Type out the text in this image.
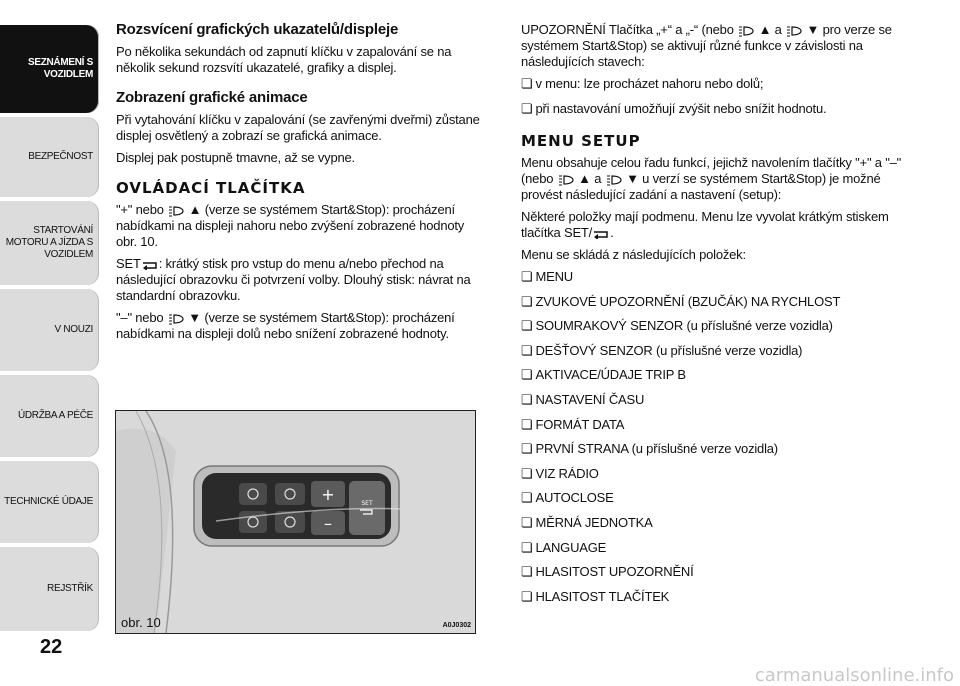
SEZNÁMENÍ S VOZIDLEM
BEZPEČNOST
STARTOVÁNÍ MOTORU A JÍZDA S VOZIDLEM
V NOUZI
ÚDRŽBA A PÉČE
TECHNICKÉ ÚDAJE
REJSTŘÍK
22
Rozsvícení grafických ukazatelů/displeje

Po několika sekundách od zapnutí klíčku v zapalování se na několik sekund rozsvítí ukazatelé, grafiky a displej.

Zobrazení grafické animace

Při vytahování klíčku v zapalování (se zavřenými dveřmi) zůstane displej osvětlený a zobrazí se grafická animace.

Displej pak postupně tmavne, až se vypne.

OVLÁDACÍ TLAČÍTKA

"+" nebo ▲ (verze se systémem Start&Stop): procházení nabídkami na displeji nahoru nebo zvýšení zobrazené hodnoty obr. 10.

SET : krátký stisk pro vstup do menu a/nebo přechod na následující obrazovku či potvrzení volby. Dlouhý stisk: návrat na standardní obrazovku.

"–" nebo ▼ (verze se systémem Start&Stop): procházení nabídkami na displeji dolů nebo snížení zobrazené hodnoty.

+
–
SET
obr. 10	A0J0302

UPOZORNĚNÍ Tlačítka „+“ a „-“ (nebo ▲ a ▼ pro verze se systémem Start&Stop) se aktivují různé funkce v závislosti na následujících stavech:

❏ v menu: lze procházet nahoru nebo dolů;
❏ při nastavování umožňují zvýšit nebo snížit hodnotu.
MENU SETUP

Menu obsahuje celou řadu funkcí, jejichž navolením tlačítky "+" a "–" (nebo ▲ a ▼ u verzí se systémem Start&Stop) je možné provést následující zadání a nastavení (setup):

Některé položky mají podmenu. Menu lze vyvolat krátkým stiskem tlačítka SET/ .

Menu se skládá z následujících položek:

❏ MENU
❏ ZVUKOVÉ UPOZORNĚNÍ (BZUČÁK) NA RYCHLOST
❏ SOUMRAKOVÝ SENZOR (u příslušné verze vozidla)
❏ DEŠŤOVÝ SENZOR (u příslušné verze vozidla)
❏ AKTIVACE/ÚDAJE TRIP B
❏ NASTAVENÍ ČASU
❏ FORMÁT DATA
❏ PRVNÍ STRANA (u příslušné verze vozidla)
❏ VIZ RÁDIO
❏ AUTOCLOSE
❏ MĚRNÁ JEDNOTKA
❏ LANGUAGE
❏ HLASITOST UPOZORNĚNÍ
❏ HLASITOST TLAČÍTEK
carmanualsonline.info
